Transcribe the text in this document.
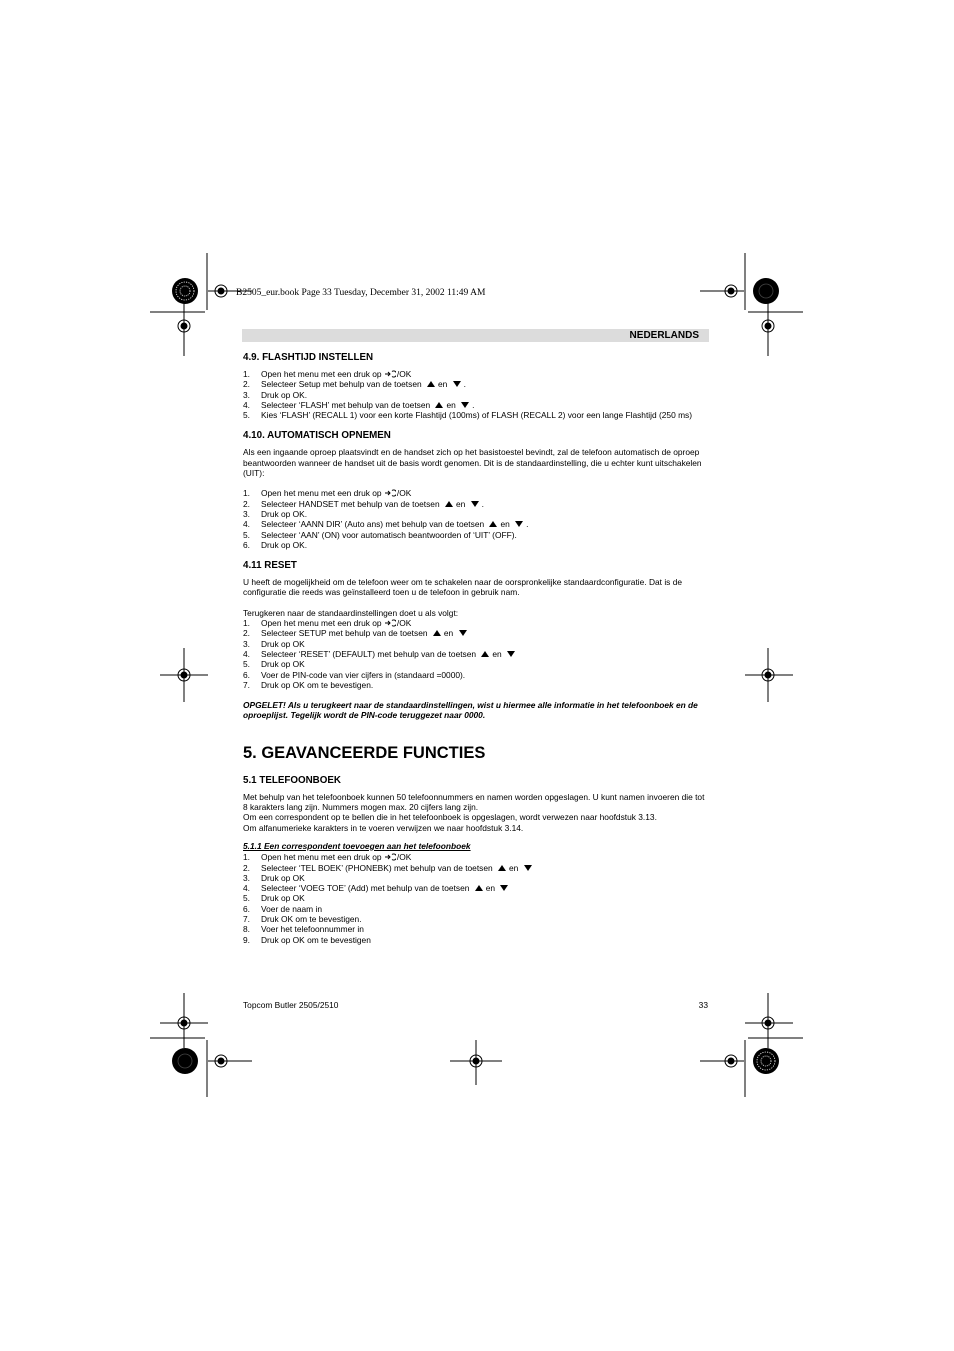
B2505_eur.book Page 33 Tuesday, December 31, 2002 11:49 AM
NEDERLANDS
4.9. FLASHTIJD INSTELLEN
1. Open het menu met een druk op /OK
2. Selecteer Setup met behulp van de toetsen en .
3. Druk op OK.
4. Selecteer ‘FLASH’ met behulp van de toetsen en .
5. Kies ‘FLASH’ (RECALL 1) voor een korte Flashtijd (100ms) of FLASH (RECALL 2) voor een lange Flashtijd (250 ms)
4.10. AUTOMATISCH OPNEMEN

Als een ingaande oproep plaatsvindt en de handset zich op het basistoestel bevindt, zal de telefoon automatisch de oproep beantwoorden wanneer de handset uit de basis wordt genomen. Dit is de standaardinstelling, die u echter kunt uitschakelen (UIT):

1. Open het menu met een druk op /OK
2. Selecteer HANDSET met behulp van de toetsen en .
3. Druk op OK.
4. Selecteer ‘AANN DIR’ (Auto ans) met behulp van de toetsen en .
5. Selecteer ‘AAN’ (ON) voor automatisch beantwoorden of ‘UIT’ (OFF).
6. Druk op OK.
4.11 RESET

U heeft de mogelijkheid om de telefoon weer om te schakelen naar de oorspronkelijke standaardconfiguratie. Dat is de configuratie die reeds was geïnstalleerd toen u de telefoon in gebruik nam.

Terugkeren naar de standaardinstellingen doet u als volgt:

1. Open het menu met een druk op /OK
2. Selecteer SETUP met behulp van de toetsen en
3. Druk op OK
4. Selecteer ‘RESET’ (DEFAULT) met behulp van de toetsen en
5. Druk op OK
6. Voer de PIN-code van vier cijfers in (standaard =0000).
7. Druk op OK om te bevestigen.

OPGELET! Als u terugkeert naar de standaardinstellingen, wist u hiermee alle informatie in het telefoonboek en de oproeplijst. Tegelijk wordt de PIN-code teruggezet naar 0000.

5. GEAVANCEERDE FUNCTIES
5.1 TELEFOONBOEK

Met behulp van het telefoonboek kunnen 50 telefoonnummers en namen worden opgeslagen. U kunt namen invoeren die tot 8 karakters lang zijn. Nummers mogen max. 20 cijfers lang zijn.

Om een correspondent op te bellen die in het telefoonboek is opgeslagen, wordt verwezen naar hoofdstuk 3.13.

Om alfanumerieke karakters in te voeren verwijzen we naar hoofdstuk 3.14.

5.1.1 Een correspondent toevoegen aan het telefoonboek
1. Open het menu met een druk op /OK
2. Selecteer ‘TEL BOEK’ (PHONEBK) met behulp van de toetsen en
3. Druk op OK
4. Selecteer ‘VOEG TOE’ (Add) met behulp van de toetsen en
5. Druk op OK
6. Voer de naam in
7. Druk OK om te bevestigen.
8. Voer het telefoonnummer in
9. Druk op OK om te bevestigen
Topcom Butler 2505/2510	33
